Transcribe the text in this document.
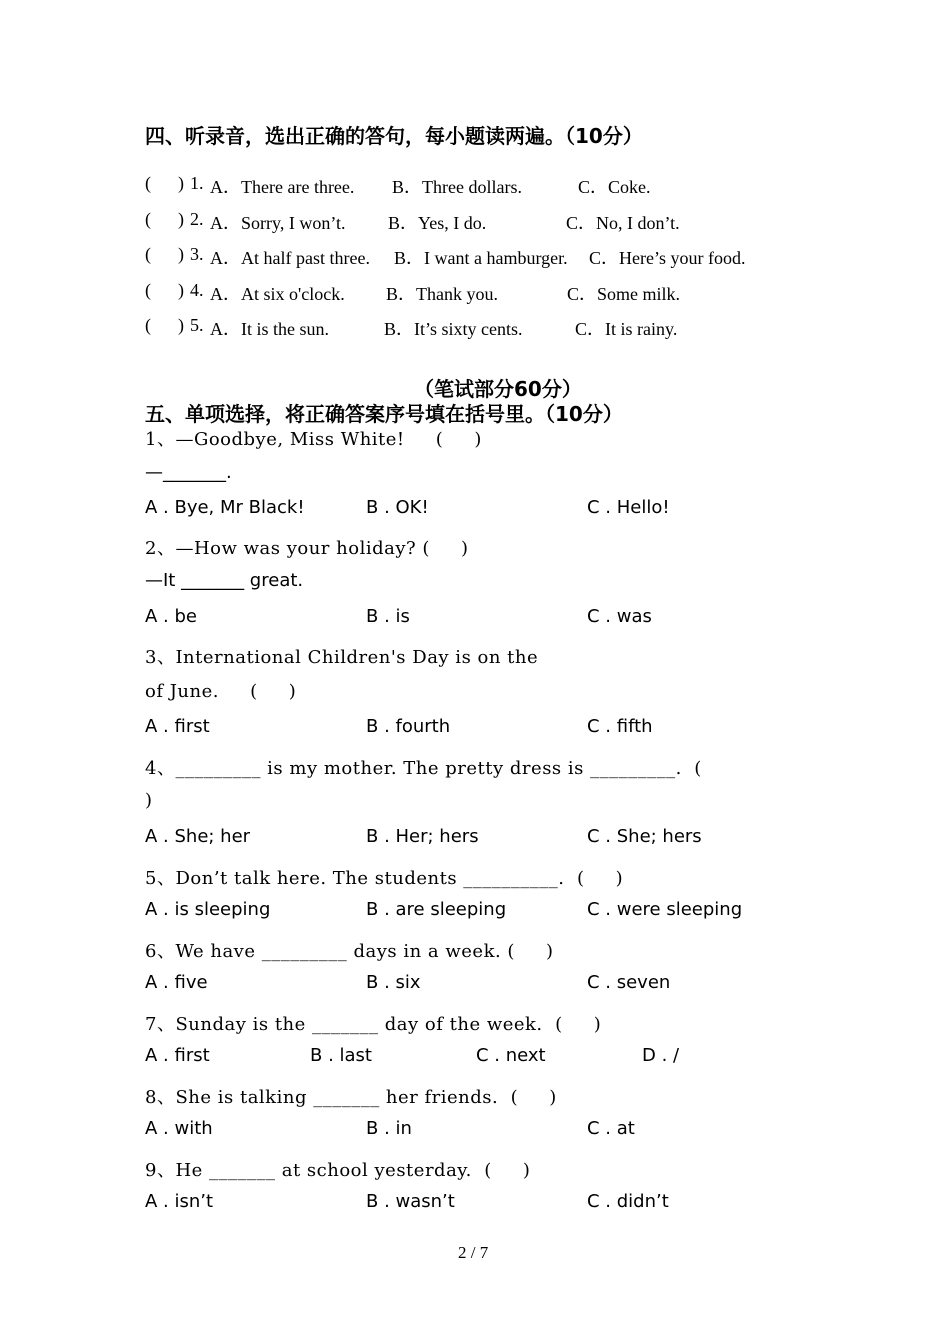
四、听录音，选出正确的答句，每小题读两遍。（10分）
(      ) 1. A．There are three. B．Three dollars.	C．Coke.
(      ) 2. A．Sorry, I won’t. B．Yes, I do.	C．No, I don’t.
(      ) 3. A．At half past three. B．I want a hamburger. C．Here’s your food.
(      ) 4. A．At six o'clock. B．Thank you.	C．Some milk.
(      ) 5. A．It is the sun.	B．It’s sixty cents.	C．It is rainy.
（笔试部分60分）
五、单项选择，将正确答案序号填在括号里。（10分）
1、—Goodbye, Miss White!     (     )
—_______.
A . Bye, Mr Black!	B . OK!	C . Hello!
2、—How was your holiday? (     )
—It _______ great.
A . be	B . is	C . was
3、International Children's Day is on the
of June.     (     )
A . first	B . fourth	C . fifth
4、_________ is my mother. The pretty dress is _________.  (
)
A . She; her	B . Her; hers	C . She; hers
5、Don’t talk here. The students __________.  (     )
A . is sleeping	B . are sleeping	C . were sleeping
6、We have _________ days in a week. (     )
A . five	B . six	C . seven
7、Sunday is the _______ day of the week.  (     )
A . first	B . last	C . next	D . /
8、She is talking _______ her friends.  (     )
A . with	B . in	C . at
9、He _______ at school yesterday.  (     )
A . isn’t	B . wasn’t	C . didn’t
2 / 7
